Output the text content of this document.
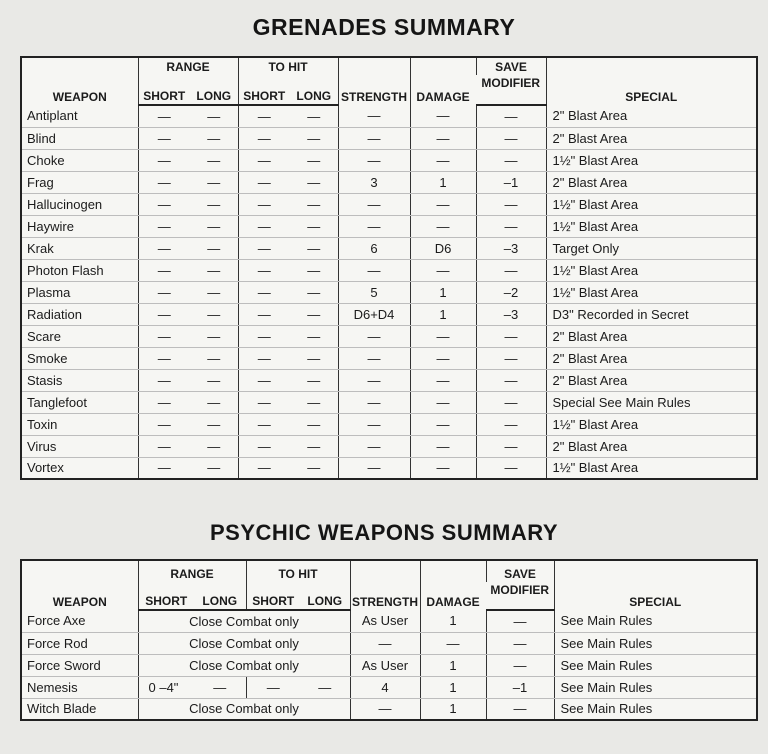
GRENADES SUMMARY
WEAPON	RANGE		TO HIT		STRENGTH	DAMAGE	SAVE	SPECIAL
	SHORT	LONG	SHORT	LONG			MODIFIER	
Antiplant	—	—	—	—	—	—	—	2" Blast Area
Blind	—	—	—	—	—	—	—	2" Blast Area
Choke	—	—	—	—	—	—	—	1½" Blast Area
Frag	—	—	—	—	3	1	–1	2" Blast Area
Hallucinogen	—	—	—	—	—	—	—	1½" Blast Area
Haywire	—	—	—	—	—	—	—	1½" Blast Area
Krak	—	—	—	—	6	D6	–3	Target Only
Photon Flash	—	—	—	—	—	—	—	1½" Blast Area
Plasma	—	—	—	—	5	1	–2	1½" Blast Area
Radiation	—	—	—	—	D6+D4	1	–3	D3" Recorded in Secret
Scare	—	—	—	—	—	—	—	2" Blast Area
Smoke	—	—	—	—	—	—	—	2" Blast Area
Stasis	—	—	—	—	—	—	—	2" Blast Area
Tanglefoot	—	—	—	—	—	—	—	Special See Main Rules
Toxin	—	—	—	—	—	—	—	1½" Blast Area
Virus	—	—	—	—	—	—	—	2" Blast Area
Vortex	—	—	—	—	—	—	—	1½" Blast Area
PSYCHIC WEAPONS SUMMARY
WEAPON	RANGE		TO HIT		STRENGTH	DAMAGE	SAVE	SPECIAL
	SHORT	LONG	SHORT	LONG			MODIFIER	
Force Axe	Close Combat only				As User	1	—	See Main Rules
Force Rod	Close Combat only				—	—	—	See Main Rules
Force Sword	Close Combat only				As User	1	—	See Main Rules
Nemesis	0 –4"	—	—	—	4	1	–1	See Main Rules
Witch Blade	Close Combat only				—	1	—	See Main Rules
